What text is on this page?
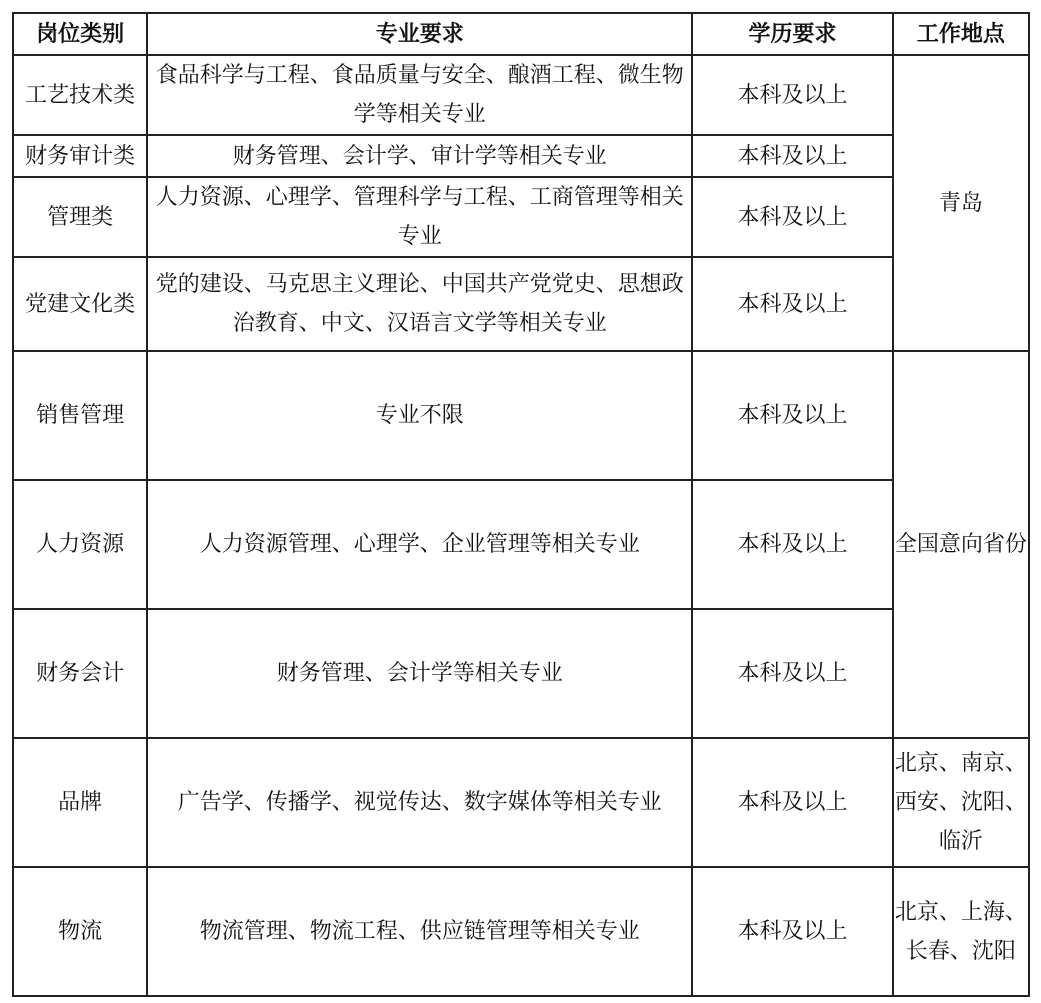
岗位类别	专业要求	学历要求	工作地点
工艺技术类	食品科学与工程、食品质量与安全、酿酒工程、微生物学等相关专业	本科及以上	青岛
财务审计类	财务管理、会计学、审计学等相关专业	本科及以上	
管理类	人力资源、心理学、管理科学与工程、工商管理等相关专业	本科及以上	
党建文化类	党的建设、马克思主义理论、中国共产党党史、思想政治教育、中文、汉语言文学等相关专业	本科及以上	
销售管理	专业不限	本科及以上	全国意向省份
人力资源	人力资源管理、心理学、企业管理等相关专业	本科及以上	
财务会计	财务管理、会计学等相关专业	本科及以上	
品牌	广告学、传播学、视觉传达、数字媒体等相关专业	本科及以上	北京、南京、西安、沈阳、临沂
物流	物流管理、物流工程、供应链管理等相关专业	本科及以上	北京、上海、长春、沈阳
